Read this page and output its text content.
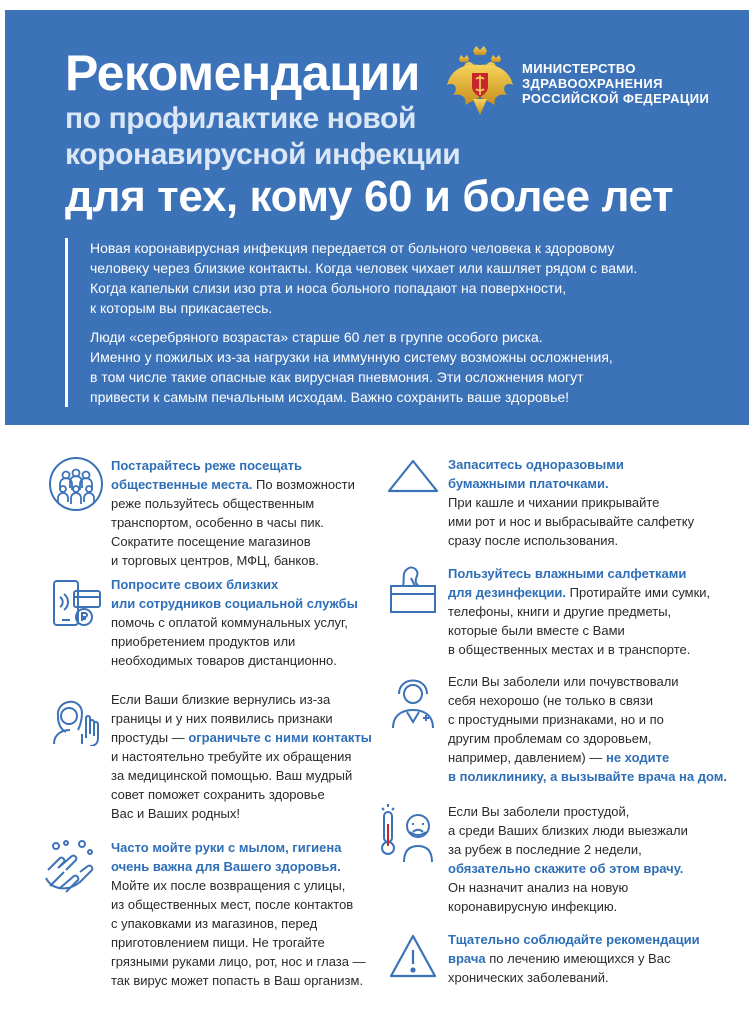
Рекомендации
по профилактике новой
коронавирусной инфекции
для тех, кому 60 и более лет
МИНИСТЕРСТВО
ЗДРАВООХРАНЕНИЯ
РОССИЙСКОЙ ФЕДЕРАЦИИ

Новая коронавирусная инфекция передается от больного человека к здоровому
человеку через близкие контакты. Когда человек чихает или кашляет рядом с вами.
Когда капельки слизи изо рта и носа больного попадают на поверхности,
к которым вы прикасаетесь.

Люди «серебряного возраста» старше 60 лет в группе особого риска.
Именно у пожилых из-за нагрузки на иммунную систему возможны осложнения,
в том числе такие опасные как вирусная пневмония. Эти осложнения могут
привести к самым печальным исходам. Важно сохранить ваше здоровье!

Постарайтесь реже посещать
общественные места. По возможности
реже пользуйтесь общественным
транспортом, особенно в часы пик.
Сократите посещение магазинов
и торговых центров, МФЦ, банков.
Попросите своих близких
или сотрудников социальной службы
помочь с оплатой коммунальных услуг,
приобретением продуктов или
необходимых товаров дистанционно.
Если Ваши близкие вернулись из-за
границы и у них появились признаки
простуды — ограничьте с ними контакты
и настоятельно требуйте их обращения
за медицинской помощью. Ваш мудрый
совет поможет сохранить здоровье
Вас и Ваших родных!
Часто мойте руки с мылом, гигиена
очень важна для Вашего здоровья.
Мойте их после возвращения с улицы,
из общественных мест, после контактов
с упаковками из магазинов, перед
приготовлением пищи. Не трогайте
грязными руками лицо, рот, нос и глаза —
так вирус может попасть в Ваш организм.
Запаситесь одноразовыми
бумажными платочками.
При кашле и чихании прикрывайте
ими рот и нос и выбрасывайте салфетку
сразу после использования.
Пользуйтесь влажными салфетками
для дезинфекции. Протирайте ими сумки,
телефоны, книги и другие предметы,
которые были вместе с Вами
в общественных местах и в транспорте.
Если Вы заболели или почувствовали
себя нехорошо (не только в связи
с простудными признаками, но и по
другим проблемам со здоровьем,
например, давлением) — не ходите
в поликлинику, а вызывайте врача на дом.
Если Вы заболели простудой,
а среди Ваших близких люди выезжали
за рубеж в последние 2 недели,
обязательно скажите об этом врачу.
Он назначит анализ на новую
коронавирусную инфекцию.
Тщательно соблюдайте рекомендации
врача по лечению имеющихся у Вас
хронических заболеваний.
